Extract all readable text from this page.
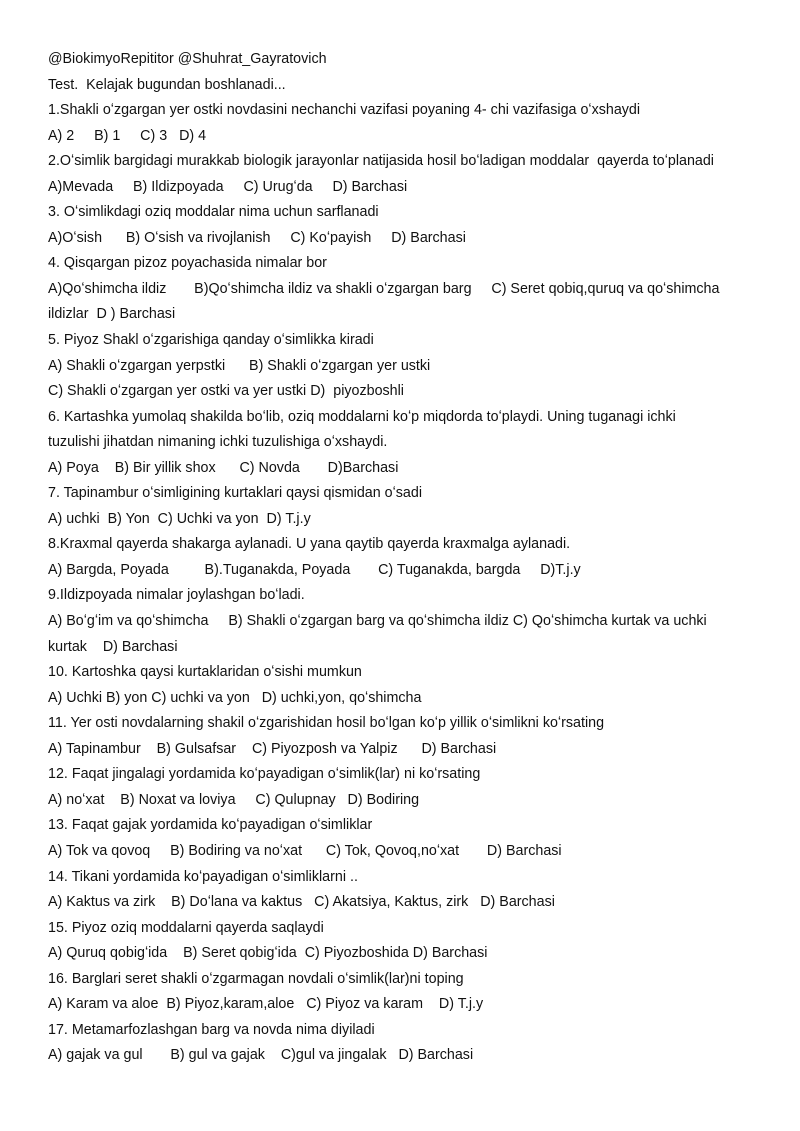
@BiokimyoRepititor @Shuhrat_Gayratovich
Test.  Kelajak bugundan boshlanadi...
1.Shakli oʻzgargan yer ostki novdasini nechanchi vazifasi poyaning 4- chi vazifasiga oʻxshaydi
A) 2     B) 1     C) 3   D) 4
2.Oʻsimlik bargidagi murakkab biologik jarayonlar natijasida hosil boʻladigan moddalar  qayerda toʻplanadi
A)Mevada     B) Ildizpoyada     C) Urugʻda     D) Barchasi
3. Oʻsimlikdagi oziq moddalar nima uchun sarflanadi
A)Oʻsish      B) Oʻsish va rivojlanish     C) Koʻpayish     D) Barchasi
4. Qisqargan pizoz poyachasida nimalar bor
A)Qoʻshimcha ildiz       B)Qoʻshimcha ildiz va shakli oʻzgargan barg     C) Seret qobiq,quruq va qoʻshimcha
ildizlar  D ) Barchasi
5. Piyoz Shakl oʻzgarishiga qanday oʻsimlikka kiradi
A) Shakli oʻzgargan yerpstki      B) Shakli oʻzgargan yer ustki
C) Shakli oʻzgargan yer ostki va yer ustki D)  piyozboshli
6. Kartashka yumolaq shakilda boʻlib, oziq moddalarni koʻp miqdorda toʻplaydi. Uning tuganagi ichki
tuzulishi jihatdan nimaning ichki tuzulishiga oʻxshaydi.
A) Poya    B) Bir yillik shox      C) Novda       D)Barchasi
7. Tapinambur oʻsimligining kurtaklari qaysi qismidan oʻsadi
A) uchki  B) Yon  C) Uchki va yon  D) T.j.y
8.Kraxmal qayerda shakarga aylanadi. U yana qaytib qayerda kraxmalga aylanadi.
A) Bargda, Poyada         B).Tuganakda, Poyada       C) Tuganakda, bargda     D)T.j.y
9.Ildizpoyada nimalar joylashgan boʻladi.
A) Boʻgʻim va qoʻshimcha     B) Shakli oʻzgargan barg va qoʻshimcha ildiz C) Qoʻshimcha kurtak va uchki
kurtak    D) Barchasi
10. Kartoshka qaysi kurtaklaridan oʻsishi mumkun
A) Uchki B) yon C) uchki va yon   D) uchki,yon, qoʻshimcha
11. Yer osti novdalarning shakil oʻzgarishidan hosil boʻlgan koʻp yillik oʻsimlikni koʻrsating
A) Tapinambur    B) Gulsafsar    C) Piyozposh va Yalpiz      D) Barchasi
12. Faqat jingalagi yordamida koʻpayadigan oʻsimlik(lar) ni koʻrsating
A) noʻxat    B) Noxat va loviya     C) Qulupnay   D) Bodiring
13. Faqat gajak yordamida koʻpayadigan oʻsimliklar
A) Tok va qovoq     B) Bodiring va noʻxat      C) Tok, Qovoq,noʻxat       D) Barchasi
14. Tikani yordamida koʻpayadigan oʻsimliklarni ..
A) Kaktus va zirk    B) Doʻlana va kaktus   C) Akatsiya, Kaktus, zirk   D) Barchasi
15. Piyoz oziq moddalarni qayerda saqlaydi
A) Quruq qobigʻida    B) Seret qobigʻida  C) Piyozboshida D) Barchasi
16. Barglari seret shakli oʻzgarmagan novdali oʻsimlik(lar)ni toping
A) Karam va aloe  B) Piyoz,karam,aloe   C) Piyoz va karam    D) T.j.y
17. Metamarfozlashgan barg va novda nima diyiladi
A) gajak va gul       B) gul va gajak    C)gul va jingalak   D) Barchasi
